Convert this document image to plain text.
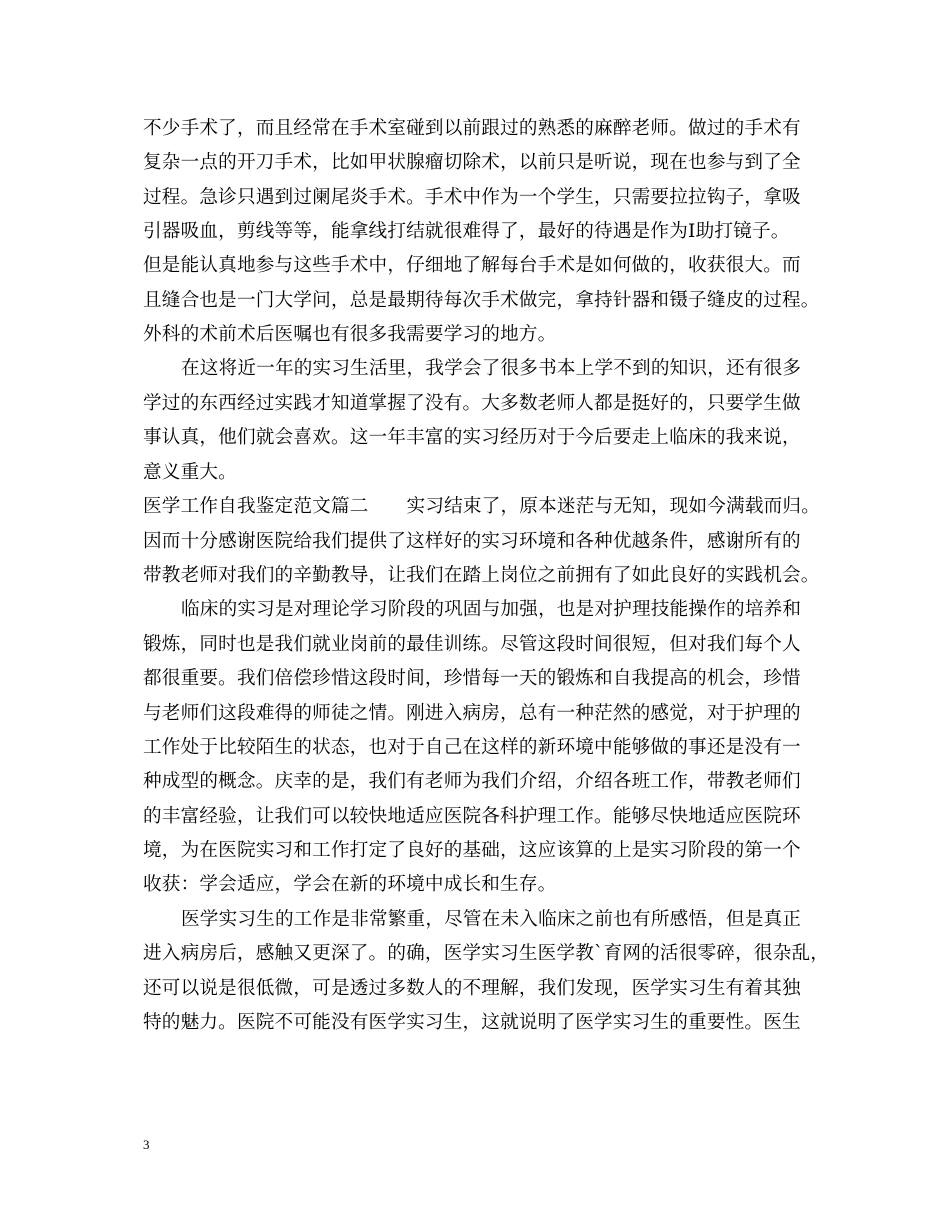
不少手术了，而且经常在手术室碰到以前跟过的熟悉的麻醉老师。做过的手术有
复杂一点的开刀手术，比如甲状腺瘤切除术，以前只是听说，现在也参与到了全
过程。急诊只遇到过阑尾炎手术。手术中作为一个学生，只需要拉拉钩子，拿吸
引器吸血，剪线等等，能拿线打结就很难得了，最好的待遇是作为Ⅰ助打镜子。
但是能认真地参与这些手术中，仔细地了解每台手术是如何做的，收获很大。而
且缝合也是一门大学问，总是最期待每次手术做完，拿持针器和镊子缝皮的过程。
外科的术前术后医嘱也有很多我需要学习的地方。
在这将近一年的实习生活里，我学会了很多书本上学不到的知识，还有很多
学过的东西经过实践才知道掌握了没有。大多数老师人都是挺好的，只要学生做
事认真，他们就会喜欢。这一年丰富的实习经历对于今后要走上临床的我来说，
意义重大。
医学工作自我鉴定范文篇二 实习结束了，原本迷茫与无知，现如今满载而归。
因而十分感谢医院给我们提供了这样好的实习环境和各种优越条件，感谢所有的
带教老师对我们的辛勤教导，让我们在踏上岗位之前拥有了如此良好的实践机会。
临床的实习是对理论学习阶段的巩固与加强，也是对护理技能操作的培养和
锻炼，同时也是我们就业岗前的最佳训练。尽管这段时间很短，但对我们每个人
都很重要。我们倍偿珍惜这段时间，珍惜每一天的锻炼和自我提高的机会，珍惜
与老师们这段难得的师徒之情。刚进入病房，总有一种茫然的感觉，对于护理的
工作处于比较陌生的状态，也对于自己在这样的新环境中能够做的事还是没有一
种成型的概念。庆幸的是，我们有老师为我们介绍，介绍各班工作，带教老师们
的丰富经验，让我们可以较快地适应医院各科护理工作。能够尽快地适应医院环
境，为在医院实习和工作打定了良好的基础，这应该算的上是实习阶段的第一个
收获：学会适应，学会在新的环境中成长和生存。
医学实习生的工作是非常繁重，尽管在未入临床之前也有所感悟，但是真正
进入病房后，感触又更深了。的确，医学实习生医学教`育网的活很零碎，很杂乱，
还可以说是很低微，可是透过多数人的不理解，我们发现，医学实习生有着其独
特的魅力。医院不可能没有医学实习生，这就说明了医学实习生的重要性。医生
3
